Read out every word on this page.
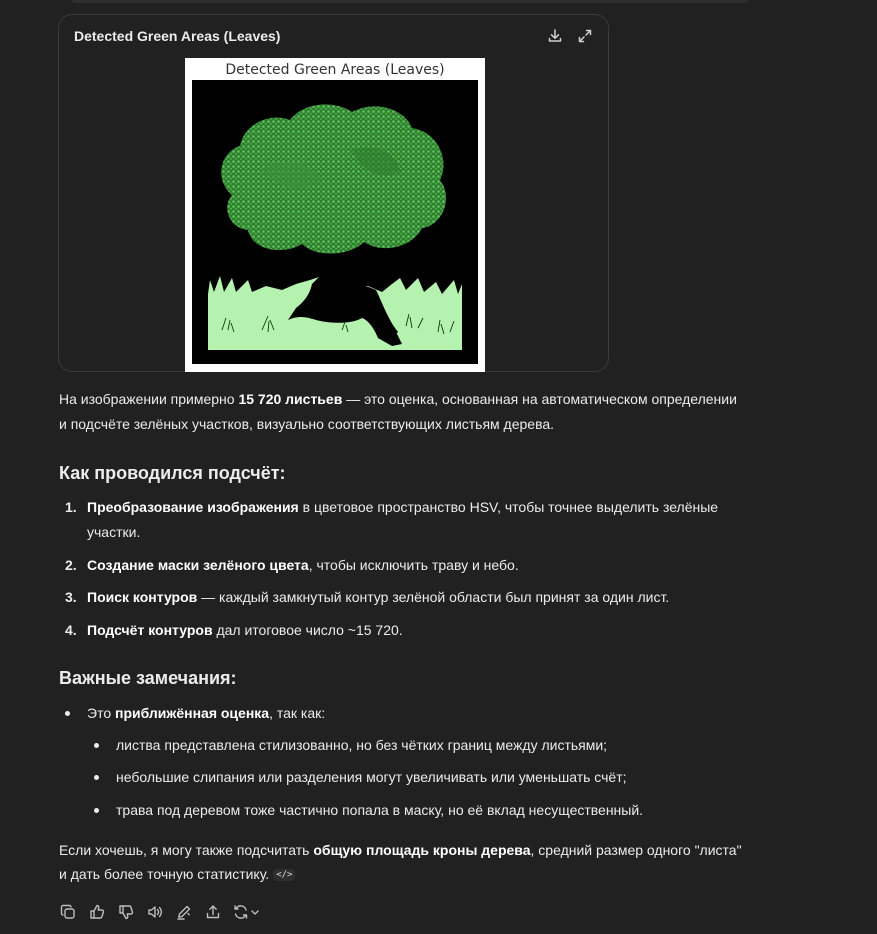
Detected Green Areas (Leaves)
Detected Green Areas (Leaves)
На изображении примерно 15 720 листьев — это оценка, основанная на автоматическом определении
и подсчёте зелёных участков, визуально соответствующих листьям дерева.
Как проводился подсчёт:
1. Преобразование изображения в цветовое пространство HSV, чтобы точнее выделить зелёные
участки.
2. Создание маски зелёного цвета, чтобы исключить траву и небо.
3. Поиск контуров — каждый замкнутый контур зелёной области был принят за один лист.
4. Подсчёт контуров дал итоговое число ~15 720.
Важные замечания:
Это приближённая оценка, так как:
листва представлена стилизованно, но без чётких границ между листьями;
небольшие слипания или разделения могут увеличивать или уменьшать счёт;
трава под деревом тоже частично попала в маску, но её вклад несущественный.
Если хочешь, я могу также подсчитать общую площадь кроны дерева, средний размер одного "листа"
и дать более точную статистику. </>
